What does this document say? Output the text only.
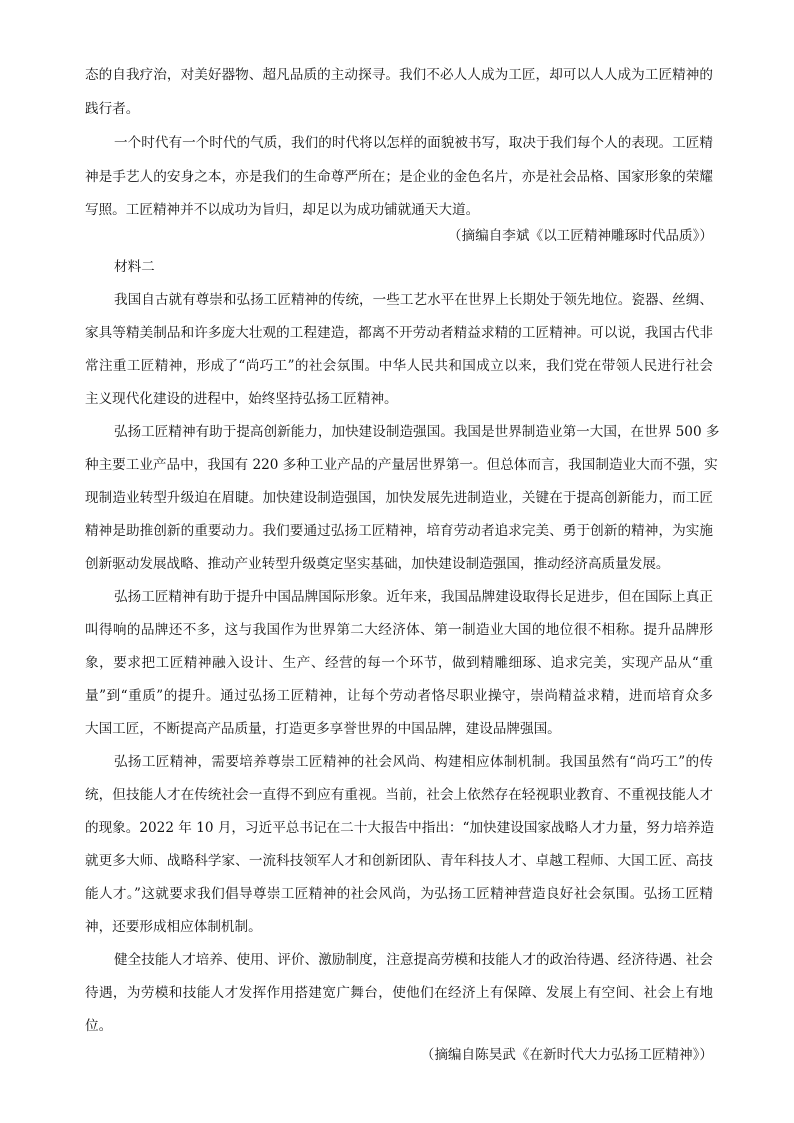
态的自我疗治，对美好器物、超凡品质的主动探寻。我们不必人人成为工匠，却可以人人成为工匠精神的
践行者。
一个时代有一个时代的气质，我们的时代将以怎样的面貌被书写，取决于我们每个人的表现。工匠精
神是手艺人的安身之本，亦是我们的生命尊严所在；是企业的金色名片，亦是社会品格、国家形象的荣耀
写照。工匠精神并不以成功为旨归，却足以为成功铺就通天大道。
（摘编自李斌《以工匠精神雕琢时代品质》）
材料二
我国自古就有尊崇和弘扬工匠精神的传统，一些工艺水平在世界上长期处于领先地位。瓷器、丝绸、
家具等精美制品和许多庞大壮观的工程建造，都离不开劳动者精益求精的工匠精神。可以说，我国古代非
常注重工匠精神，形成了“尚巧工”的社会氛围。中华人民共和国成立以来，我们党在带领人民进行社会
主义现代化建设的进程中，始终坚持弘扬工匠精神。
弘扬工匠精神有助于提高创新能力，加快建设制造强国。我国是世界制造业第一大国，在世界 500 多
种主要工业产品中，我国有 220 多种工业产品的产量居世界第一。但总体而言，我国制造业大而不强，实
现制造业转型升级迫在眉睫。加快建设制造强国，加快发展先进制造业，关键在于提高创新能力，而工匠
精神是助推创新的重要动力。我们要通过弘扬工匠精神，培育劳动者追求完美、勇于创新的精神，为实施
创新驱动发展战略、推动产业转型升级奠定坚实基础，加快建设制造强国，推动经济高质量发展。
弘扬工匠精神有助于提升中国品牌国际形象。近年来，我国品牌建设取得长足进步，但在国际上真正
叫得响的品牌还不多，这与我国作为世界第二大经济体、第一制造业大国的地位很不相称。提升品牌形
象，要求把工匠精神融入设计、生产、经营的每一个环节，做到精雕细琢、追求完美，实现产品从“重
量”到“重质”的提升。通过弘扬工匠精神，让每个劳动者恪尽职业操守，崇尚精益求精，进而培育众多
大国工匠，不断提高产品质量，打造更多享誉世界的中国品牌，建设品牌强国。
弘扬工匠精神，需要培养尊崇工匠精神的社会风尚、构建相应体制机制。我国虽然有“尚巧工”的传
统，但技能人才在传统社会一直得不到应有重视。当前，社会上依然存在轻视职业教育、不重视技能人才
的现象。2022 年 10 月，习近平总书记在二十大报告中指出：“加快建设国家战略人才力量，努力培养造
就更多大师、战略科学家、一流科技领军人才和创新团队、青年科技人才、卓越工程师、大国工匠、高技
能人才。”这就要求我们倡导尊崇工匠精神的社会风尚，为弘扬工匠精神营造良好社会氛围。弘扬工匠精
神，还要形成相应体制机制。
健全技能人才培养、使用、评价、激励制度，注意提高劳模和技能人才的政治待遇、经济待遇、社会
待遇，为劳模和技能人才发挥作用搭建宽广舞台，使他们在经济上有保障、发展上有空间、社会上有地
位。
（摘编自陈昊武《在新时代大力弘扬工匠精神》）
